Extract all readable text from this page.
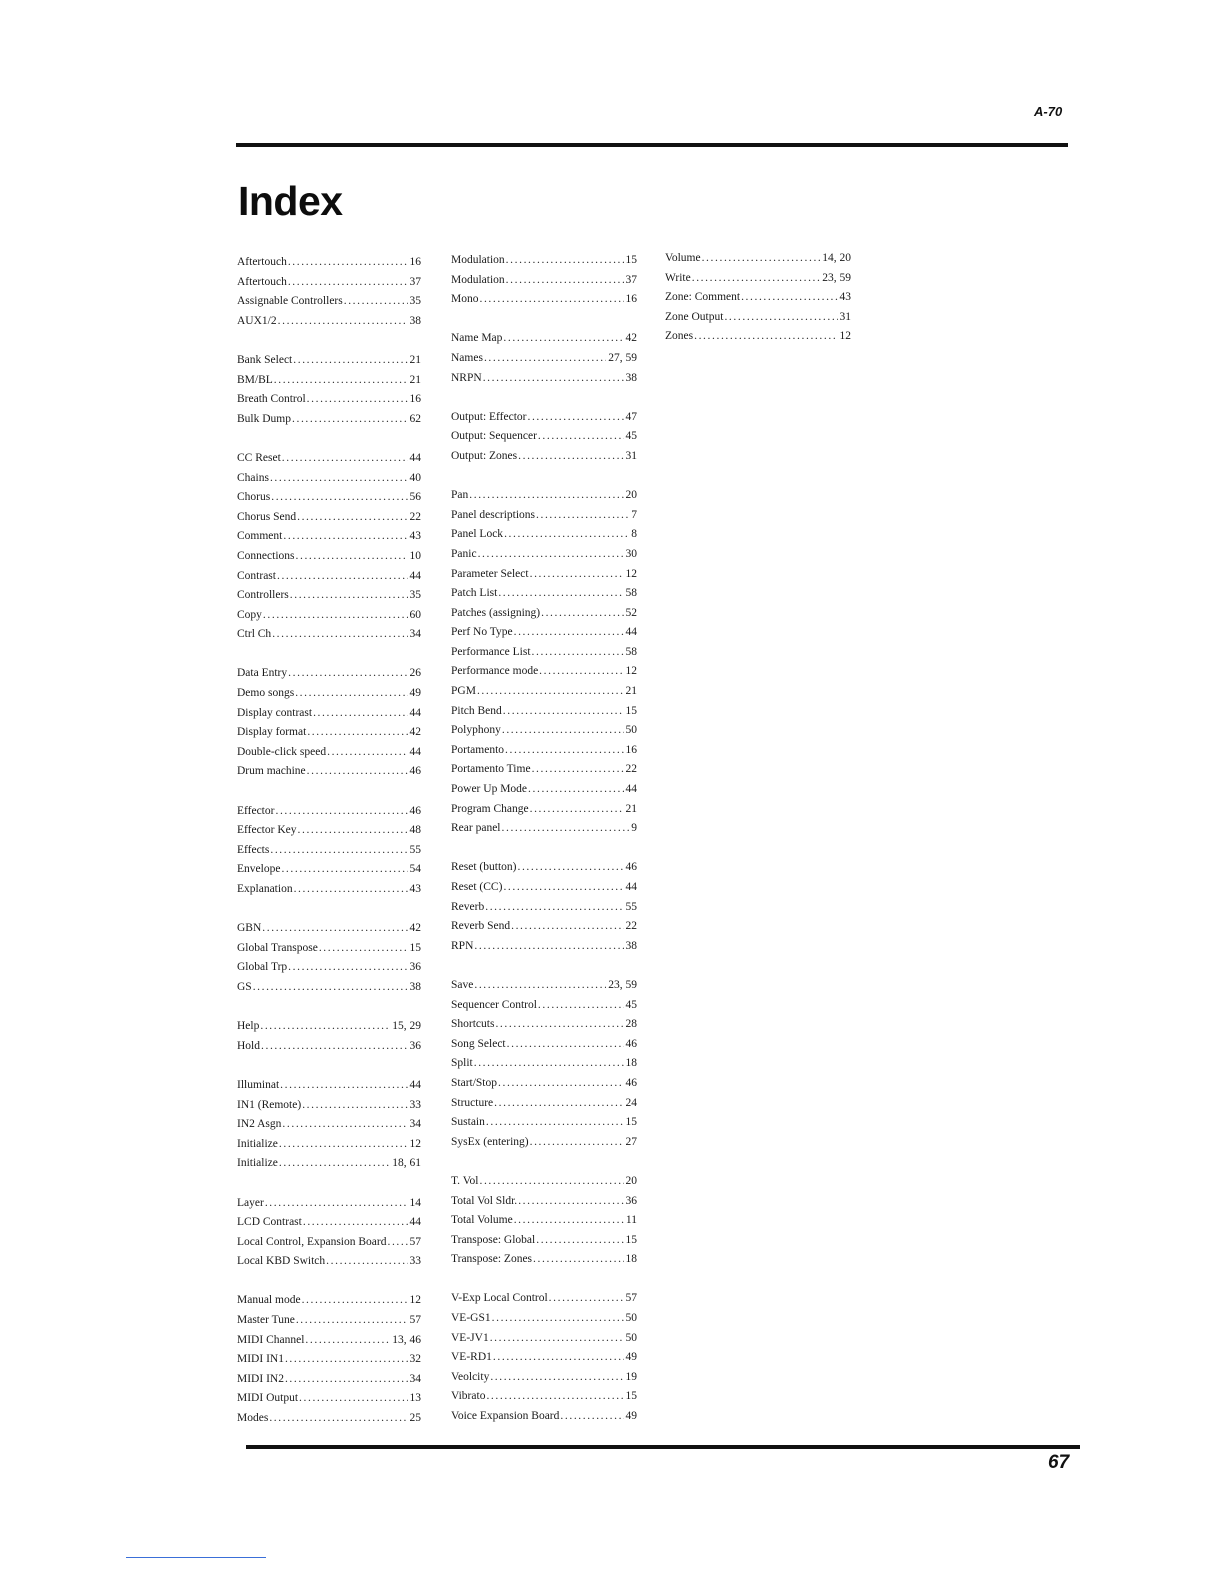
A-70
Index
Aftertouch .....	16
Aftertouch .....	37
Assignable Controllers .....	35
AUX1/2 .....	38
Bank Select .....	21
BM/BL .....	21
Breath Control .....	16
Bulk Dump .....	62
CC Reset .....	44
Chains .....	40
Chorus .....	56
Chorus Send .....	22
Comment .....	43
Connections .....	10
Contrast .....	44
Controllers .....	35
Copy .....	60
Ctrl Ch .....	34
Data Entry .....	26
Demo songs .....	49
Display contrast .....	44
Display format .....	42
Double-click speed .....	44
Drum machine .....	46
Effector .....	46
Effector Key .....	48
Effects .....	55
Envelope .....	54
Explanation .....	43
GBN .....	42
Global Transpose .....	15
Global Trp .....	36
GS .....	38
Help .....	15, 29
Hold .....	36
Illuminat .....	44
IN1 (Remote) .....	33
IN2 Asgn .....	34
Initialize .....	12
Initialize .....	18, 61
Layer .....	14
LCD Contrast .....	44
Local Control, Expansion Board ..... 57
Local KBD Switch .....	33
Manual mode .....	12
Master Tune .....	57
MIDI Channel .....	13, 46
MIDI IN1 .....	32
MIDI IN2 .....	34
MIDI Output .....	13
Modes .....	25
Modulation .....	15
Modulation .....	37
Mono .....	16
Name Map .....	42
Names .....	27, 59
NRPN .....	38
Output: Effector .....	47
Output: Sequencer .....	45
Output: Zones .....	31
Pan .....	20
Panel descriptions .....	7
Panel Lock .....	8
Panic .....	30
Parameter Select .....	12
Patch List .....	58
Patches (assigning) .....	52
Perf No Type .....	44
Performance List .....	58
Performance mode .....	12
PGM .....	21
Pitch Bend .....	15
Polyphony .....	50
Portamento .....	16
Portamento Time .....	22
Power Up Mode .....	44
Program Change .....	21
Rear panel .....	9
Reset (button) .....	46
Reset (CC) .....	44
Reverb .....	55
Reverb Send .....	22
RPN .....	38
Save .....	23, 59
Sequencer Control .....	45
Shortcuts .....	28
Song Select .....	46
Split .....	18
Start/Stop .....	46
Structure .....	24
Sustain .....	15
SysEx (entering) .....	27
T. Vol .....	20
Total Vol Sldr. .....	36
Total Volume .....	11
Transpose: Global .....	15
Transpose: Zones .....	18
V-Exp Local Control .....	57
VE-GS1 .....	50
VE-JV1 .....	50
VE-RD1 .....	49
Veolcity .....	19
Vibrato .....	15
Voice Expansion Board .....	49
Volume .....	14, 20
Write .....	23, 59
Zone: Comment .....	43
Zone Output .....	31
Zones .....	12
67
